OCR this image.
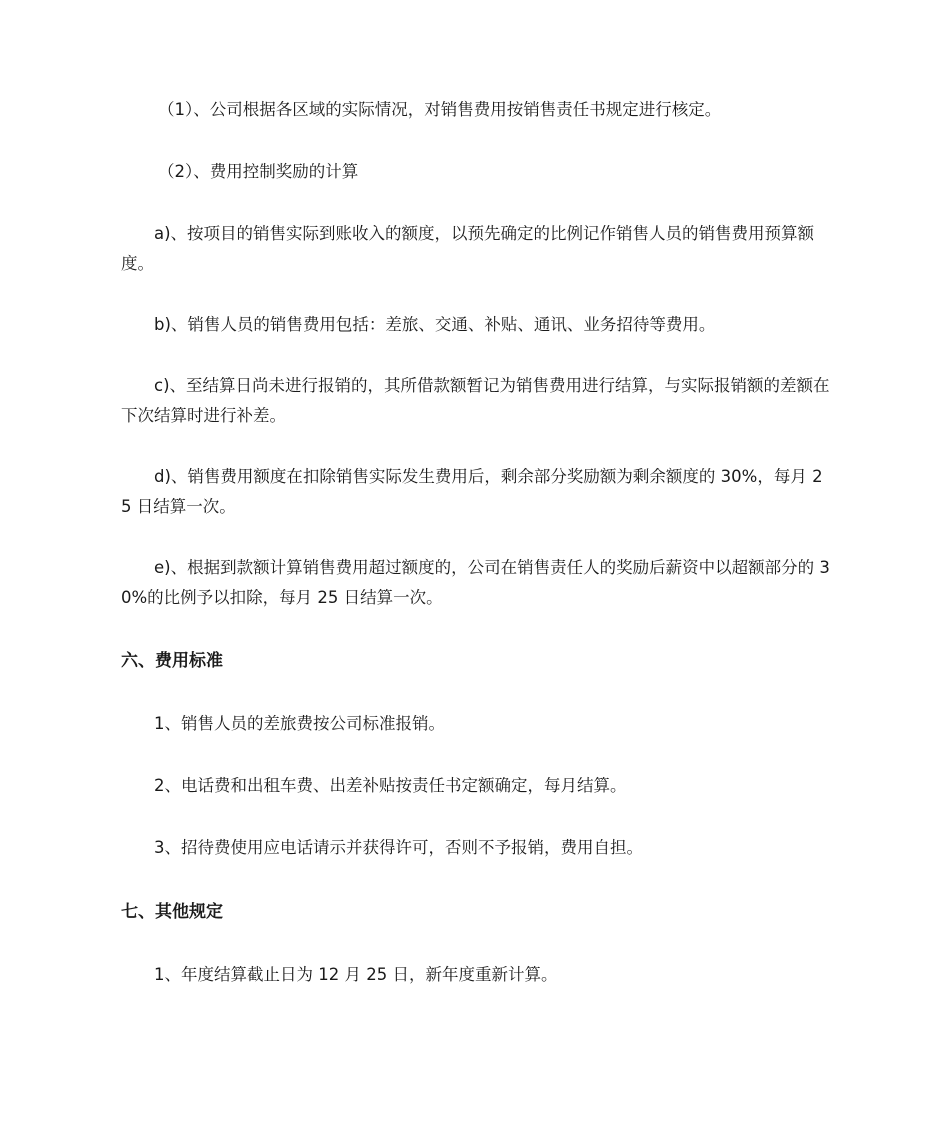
（1）、公司根据各区域的实际情况，对销售费用按销售责任书规定进行核定。

（2）、费用控制奖励的计算

a)、按项目的销售实际到账收入的额度，以预先确定的比例记作销售人员的销售费用预算额度。

b)、销售人员的销售费用包括：差旅、交通、补贴、通讯、业务招待等费用。

c)、至结算日尚未进行报销的，其所借款额暂记为销售费用进行结算，与实际报销额的差额在下次结算时进行补差。

d)、销售费用额度在扣除销售实际发生费用后，剩余部分奖励额为剩余额度的 30%，每月 25 日结算一次。

e)、根据到款额计算销售费用超过额度的，公司在销售责任人的奖励后薪资中以超额部分的 30%的比例予以扣除，每月 25 日结算一次。

六、费用标准

1、销售人员的差旅费按公司标准报销。

2、电话费和出租车费、出差补贴按责任书定额确定，每月结算。

3、招待费使用应电话请示并获得许可，否则不予报销，费用自担。

七、其他规定

1、年度结算截止日为 12 月 25 日，新年度重新计算。
